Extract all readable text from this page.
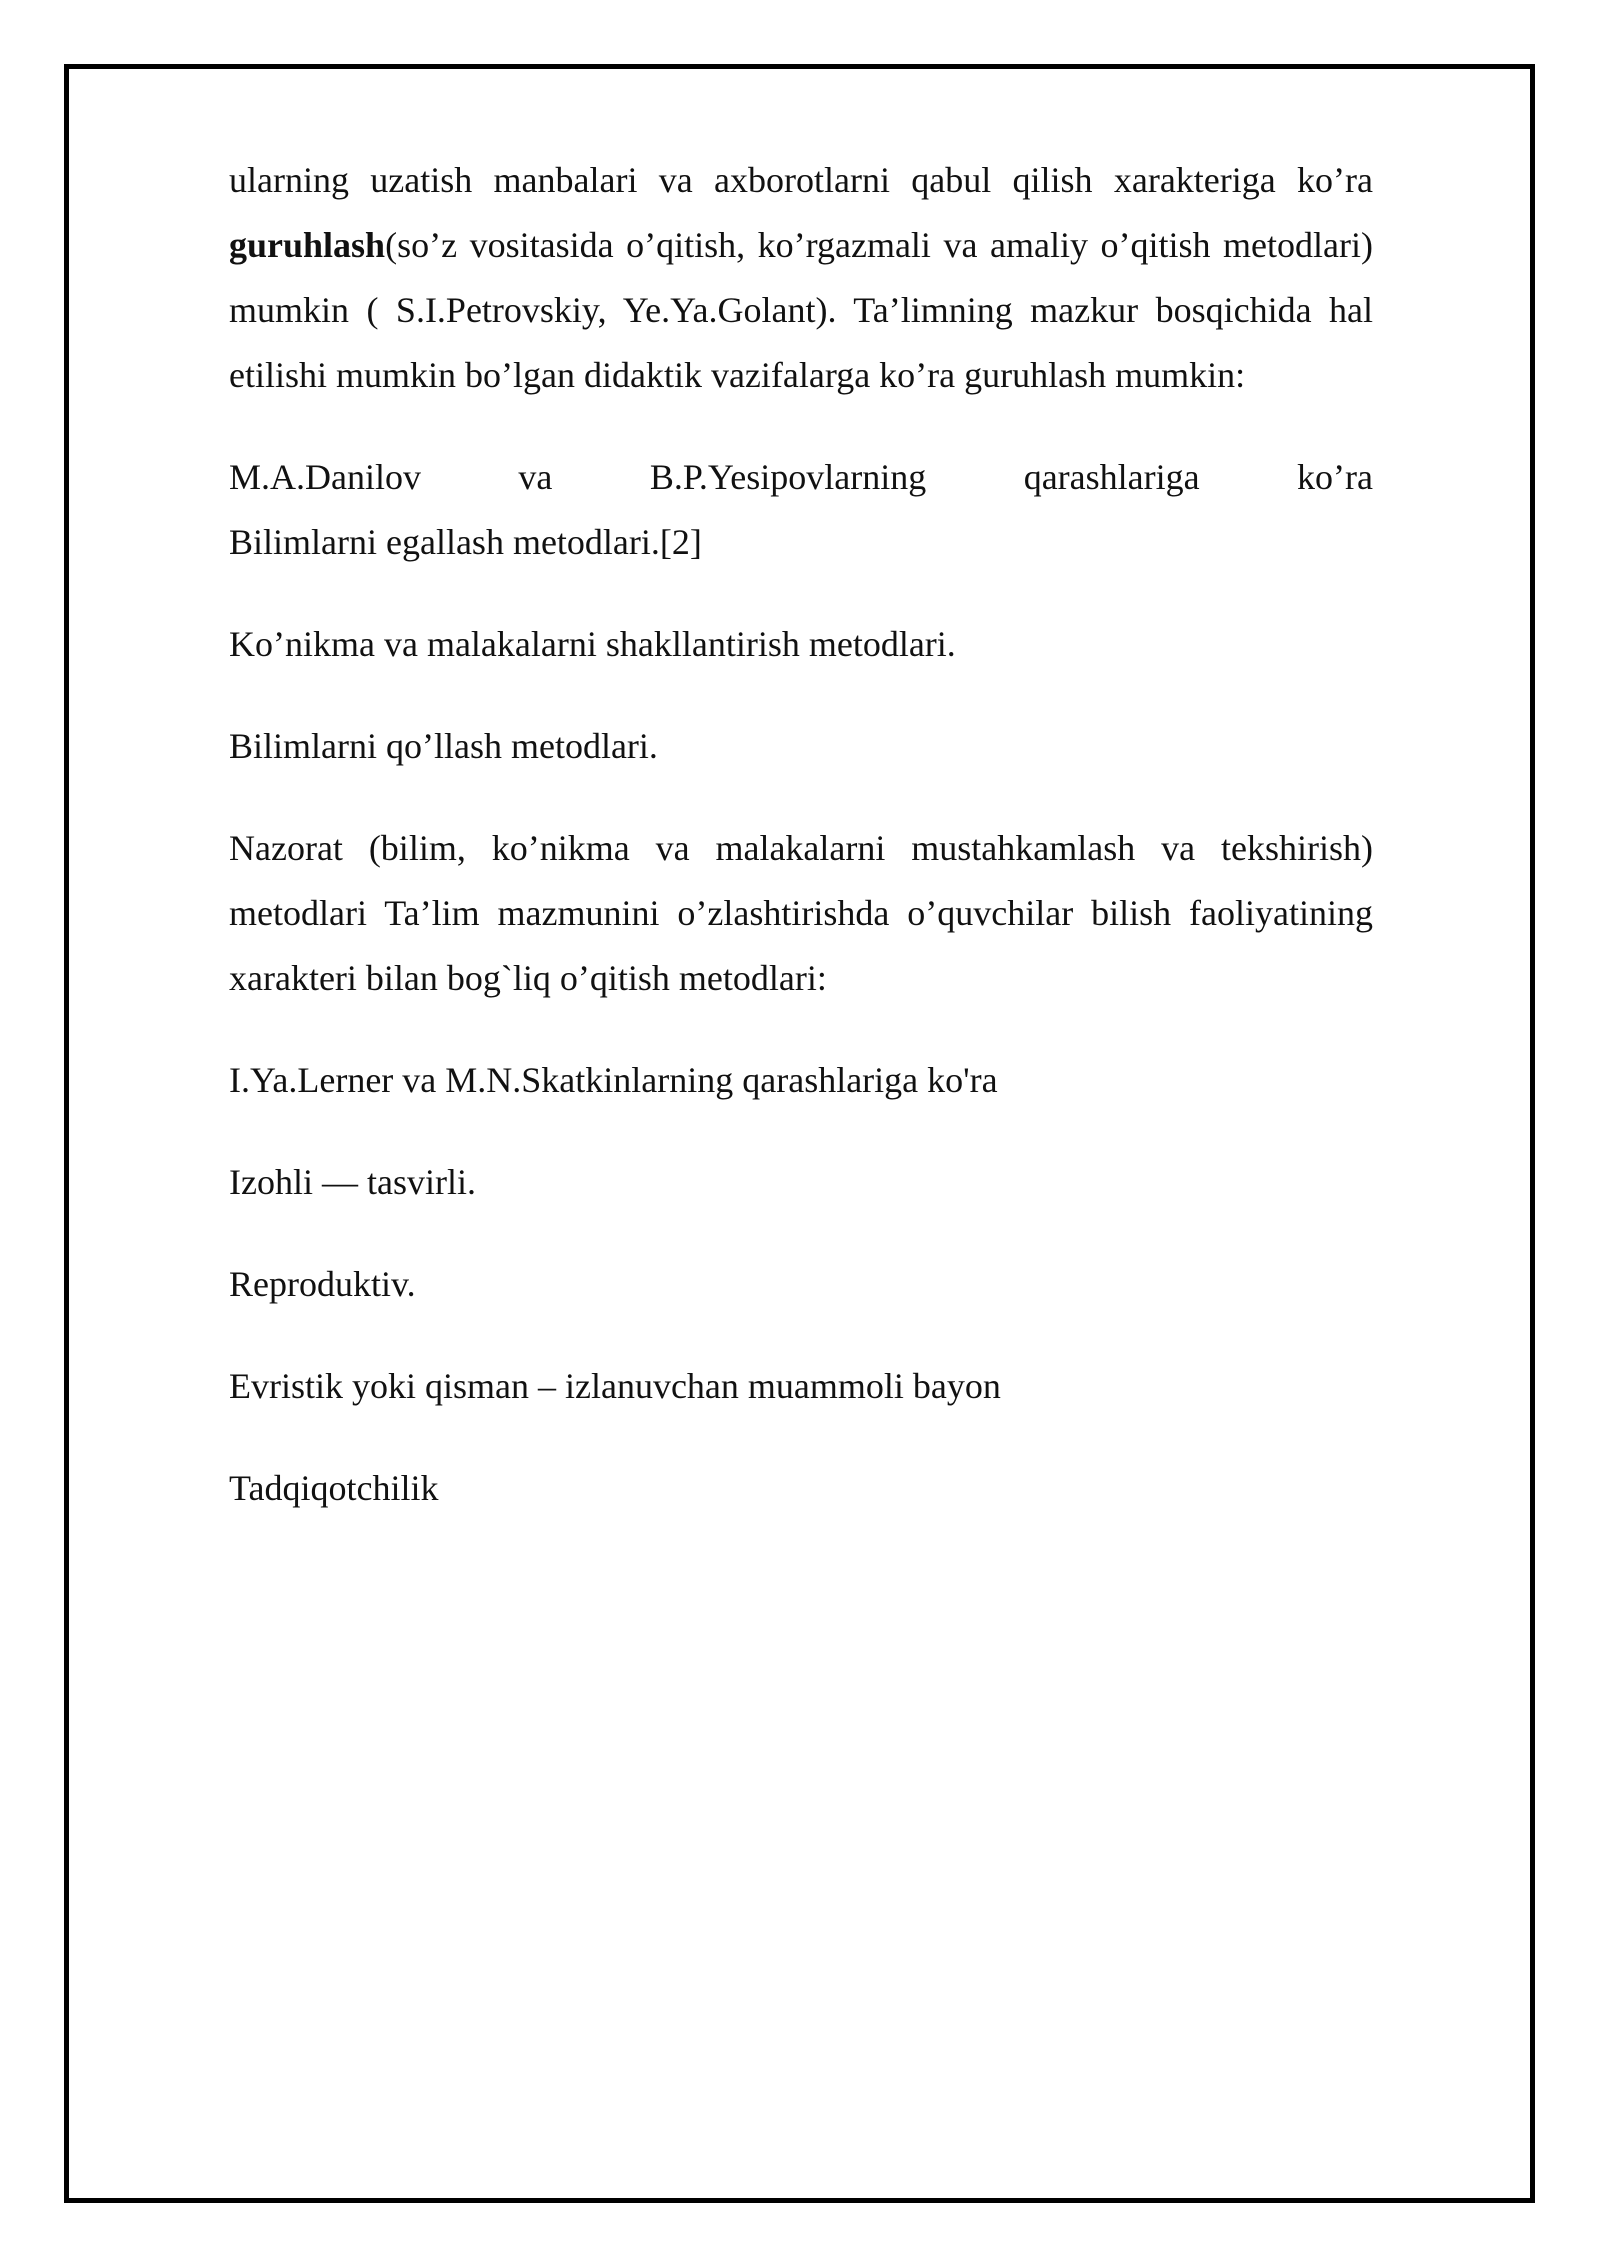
ularning uzatish manbalari va axborotlarni qabul qilish xarakteriga ko’ra guruhlash(so’z vositasida o’qitish, ko’rgazmali va amaliy o’qitish metodlari) mumkin ( S.I.Petrovskiy, Ye.Ya.Golant). Ta’limning mazkur bosqichida hal etilishi mumkin bo’lgan didaktik vazifalarga ko’ra guruhlash mumkin:

M.A.Danilov va B.P.Yesipovlarning qarashlariga ko’ra
Bilimlarni egallash metodlari.[2]
Ko’nikma va malakalarni shakllantirish metodlari.
Bilimlarni qo’llash metodlari.

Nazorat (bilim, ko’nikma va malakalarni mustahkamlash va tekshirish) metodlari Ta’lim mazmunini o’zlashtirishda o’quvchilar bilish faoliyatining xarakteri bilan bog`liq o’qitish metodlari:

I.Ya.Lerner va M.N.Skatkinlarning qarashlariga ko'ra
Izohli — tasvirli.
Reproduktiv.
Evristik yoki qisman – izlanuvchan muammoli bayon
Tadqiqotchilik
